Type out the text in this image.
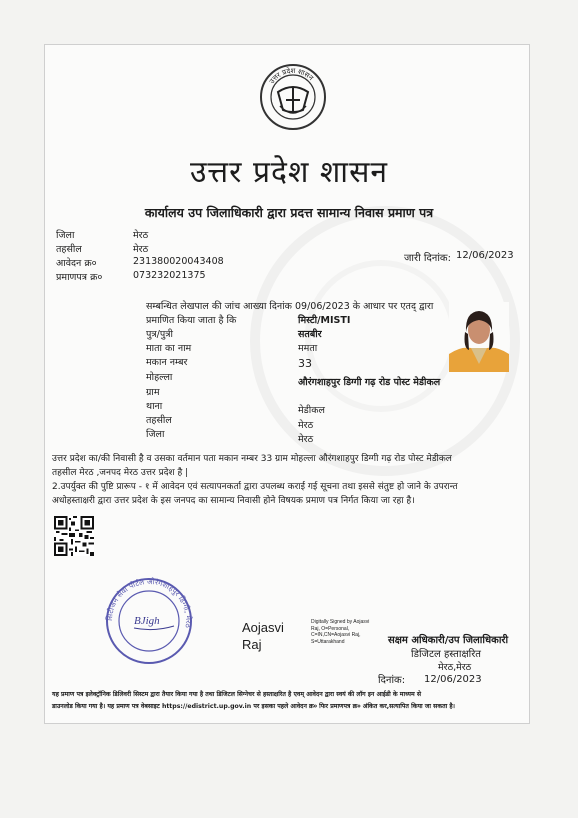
उत्तर प्रदेश शासन
उत्तर प्रदेश शासन
कार्यालय उप जिलाधिकारी द्वारा प्रदत्त सामान्य निवास प्रमाण पत्र
जिला	मेरठ
तहसील	मेरठ
आवेदन क्र०	231380020043408
प्रमाणपत्र क्र०	073232021375
जारी दिनांक: 12/06/2023
सम्बन्धित लेखपाल की जांच आख्या दिनांक 09/06/2023 के आधार पर एतद् द्वारा
प्रमाणित किया जाता है कि	मिस्टी/MISTI
पुत्र/पुत्री	सतबीर
माता का नाम	ममता
मकान नम्बर	33
मोहल्ला	औरंगशाहपुर डिग्गी गढ़ रोड पोस्ट मेडीकल
ग्राम
थाना	मेडीकल
तहसील	मेरठ
जिला	मेरठ
उत्तर प्रदेश का/की निवासी है व उसका वर्तमान पता मकान नम्बर 33 ग्राम मोहल्ला औरंगशाहपुर डिग्गी गढ़ रोड पोस्ट मेडीकल
तहसील मेरठ ,जनपद मेरठ उत्तर प्रदेश है |
2.उपर्युक्त की पुष्टि प्रारूप - १ में आवेदन एवं सत्यापनकर्ता द्वारा उपलब्ध कराई गई सूचना तथा इससे संतुष्ट हो जाने के उपरान्त
अधोहस्ताक्षरी द्वारा उत्तर प्रदेश के इस जनपद का सामान्य निवासी होने विषयक प्रमाण पत्र निर्गत किया जा रहा है।
सिटीजन सेवा पोर्टल औरंगशाहपुर डिग्गी, मेरठ
BJigh	Aojasvi
Raj
Digitally Signed by Aojasvi
Raj, O=Personal,
C=IN,CN=Aojasvi Raj,
S=Uttarakhand	सक्षम अधिकारी/उप जिलाधिकारी
डिजिटल हस्ताक्षरित
मेरठ,मेरठ
दिनांक: 12/06/2023
यह प्रमाण पत्र इलेक्ट्रॉनिक डिलिवरी सिस्टम द्वारा तैयार किया गया है तथा डिजिटल सिग्नेचर से हस्ताक्षरित है एवम् आवेदन द्वारा स्वयं की लॉग इन आईडी के माध्यम से
डाउनलोड किया गया है। यह प्रमाण पत्र वेबसाइट https://edistrict.up.gov.in पर इसका पहले आवेदन क्र० फिर प्रमाणपत्र क्र० अंकित कर,सत्यापित किया जा सकता है।
